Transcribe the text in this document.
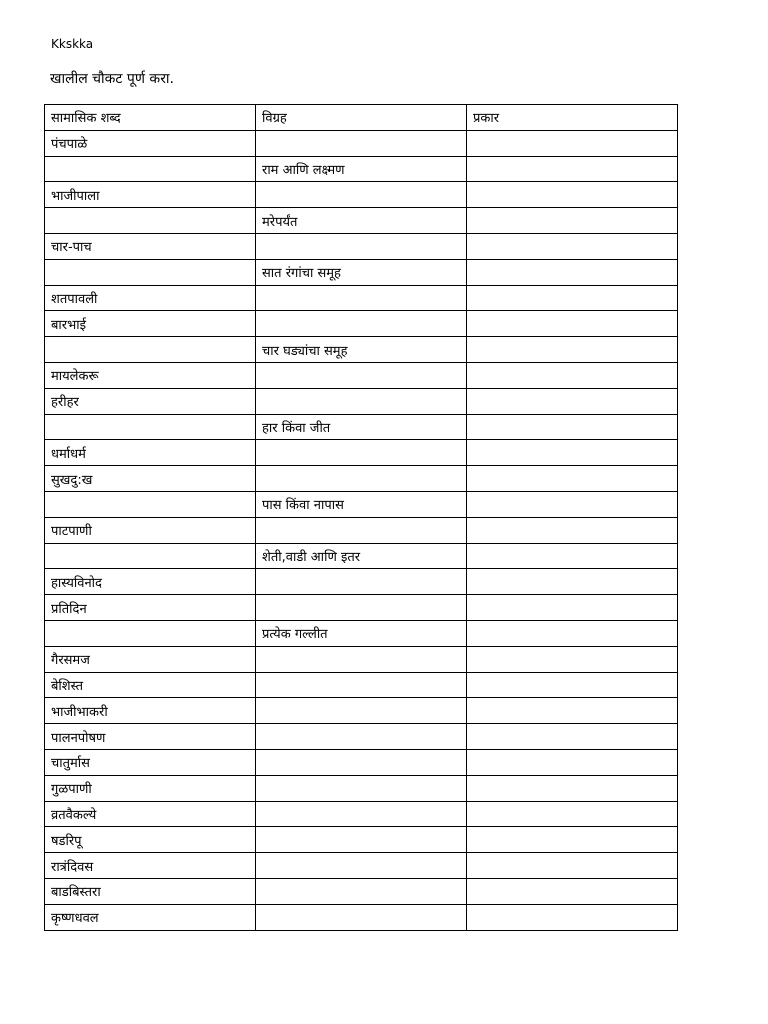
Kkskka
खालील चौकट पूर्ण करा.
सामासिक शब्द	विग्रह	प्रकार
पंचपाळे		
	राम आणि लक्ष्मण	
भाजीपाला		
	मरेपर्यंत	
चार-पाच		
	सात रंगांचा समूह	
शतपावली		
बारभाई		
	चार घड्यांचा समूह	
मायलेकरू		
हरीहर		
	हार किंवा जीत	
धर्माधर्म		
सुखदु:ख		
	पास किंवा नापास	
पाटपाणी		
	शेती,वाडी आणि इतर	
हास्यविनोद		
प्रतिदिन		
	प्रत्येक गल्लीत	
गैरसमज		
बेशिस्त		
भाजीभाकरी		
पालनपोषण		
चातुर्मास		
गुळपाणी		
व्रतवैकल्ये		
षडरिपू		
रात्रंदिवस		
बाडबिस्तरा		
कृष्णधवल		
